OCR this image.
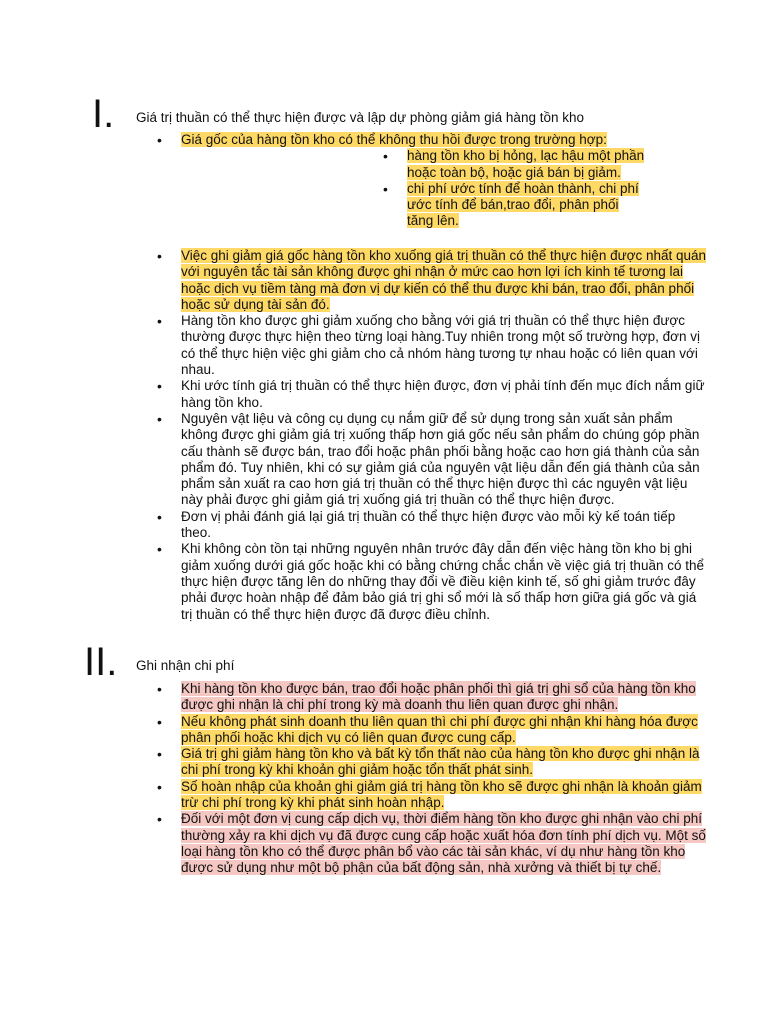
I. Giá trị thuần có thể thực hiện được và lập dự phòng giảm giá hàng tồn kho
• Giá gốc của hàng tồn kho có thể không thu hồi được trong trường hợp:
• hàng tồn kho bị hỏng, lạc hậu một phần hoặc toàn bộ, hoặc giá bán bị giảm.
• chi phí ước tính để hoàn thành, chi phí ước tính để bán,trao đổi, phân phối tăng lên.
• Việc ghi giảm giá gốc hàng tồn kho xuống giá trị thuần có thể thực hiện được nhất quán với nguyên tắc tài sản không được ghi nhận ở mức cao hơn lợi ích kinh tế tương lai hoặc dịch vụ tiềm tàng mà đơn vị dự kiến có thể thu được khi bán, trao đổi, phân phối hoặc sử dụng tài sản đó.
• Hàng tồn kho được ghi giảm xuống cho bằng với giá trị thuần có thể thực hiện được thường được thực hiện theo từng loại hàng.Tuy nhiên trong một số trường hợp, đơn vị có thể thực hiện việc ghi giảm cho cả nhóm hàng tương tự nhau hoặc có liên quan với nhau.
• Khi ước tính giá trị thuần có thể thực hiện được, đơn vị phải tính đến mục đích nắm giữ hàng tồn kho.
• Nguyên vật liệu và công cụ dụng cụ nắm giữ để sử dụng trong sản xuất sản phẩm không được ghi giảm giá trị xuống thấp hơn giá gốc nếu sản phẩm do chúng góp phần cấu thành sẽ được bán, trao đổi hoặc phân phối bằng hoặc cao hơn giá thành của sản phẩm đó. Tuy nhiên, khi có sự giảm giá của nguyên vật liệu dẫn đến giá thành của sản phẩm sản xuất ra cao hơn giá trị thuần có thể thực hiện được thì các nguyên vật liệu này phải được ghi giảm giá trị xuống giá trị thuần có thể thực hiện được.
• Đơn vị phải đánh giá lại giá trị thuần có thể thực hiện được vào mỗi kỳ kế toán tiếp theo.
• Khi không còn tồn tại những nguyên nhân trước đây dẫn đến việc hàng tồn kho bị ghi giảm xuống dưới giá gốc hoặc khi có bằng chứng chắc chắn về việc giá trị thuần có thể thực hiện được tăng lên do những thay đổi về điều kiện kinh tế, số ghi giảm trước đây phải được hoàn nhập để đảm bảo giá trị ghi sổ mới là số thấp hơn giữa giá gốc và giá trị thuần có thể thực hiện được đã được điều chỉnh.
II. Ghi nhận chi phí
• Khi hàng tồn kho được bán, trao đổi hoặc phân phối thì giá trị ghi sổ của hàng tồn kho được ghi nhận là chi phí trong kỳ mà doanh thu liên quan được ghi nhận.
• Nếu không phát sinh doanh thu liên quan thì chi phí được ghi nhận khi hàng hóa được phân phối hoặc khi dịch vụ có liên quan được cung cấp.
• Giá trị ghi giảm hàng tồn kho và bất kỳ tổn thất nào của hàng tồn kho được ghi nhận là chi phí trong kỳ khi khoản ghi giảm hoặc tổn thất phát sinh.
• Số hoàn nhập của khoản ghi giảm giá trị hàng tồn kho sẽ được ghi nhận là khoản giảm trừ chi phí trong kỳ khi phát sinh hoàn nhập.
• Đối với một đơn vị cung cấp dịch vụ, thời điểm hàng tồn kho được ghi nhận vào chi phí thường xảy ra khi dịch vụ đã được cung cấp hoặc xuất hóa đơn tính phí dịch vụ. Một số loại hàng tồn kho có thể được phân bổ vào các tài sản khác, ví dụ như hàng tồn kho được sử dụng như một bộ phận của bất động sản, nhà xưởng và thiết bị tự chế.
